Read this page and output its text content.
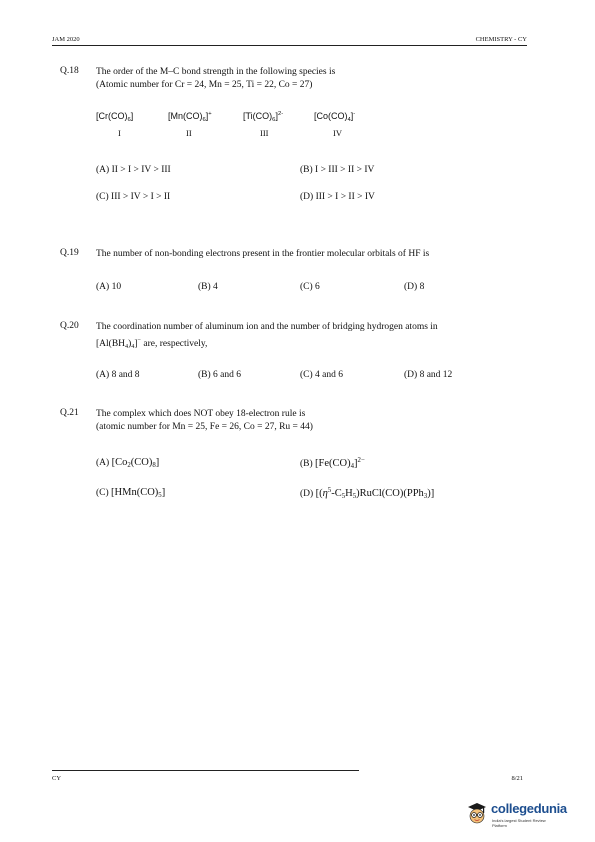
JAM 2020	CHEMISTRY - CY
Q.18 The order of the M–C bond strength in the following species is
(Atomic number for Cr = 24, Mn = 25, Ti = 22, Co = 27)
$[Cr(CO)_6]$	$[Mn(CO)_6]^+$	$[Ti(CO)_6]^{2-}$	$[Co(CO)_4]^-$
I	II	III	IV
(A) II > I > IV > III	(B) I > III > II > IV
(C) III > IV > I > II	(D) III > I > II > IV
Q.19 The number of non-bonding electrons present in the frontier molecular orbitals of HF is
(A) 10	(B) 4	(C) 6	(D) 8
Q.20 The coordination number of aluminum ion and the number of bridging hydrogen atoms in
$[Al(BH_4)_4]^-$ are, respectively,
(A) 8 and 8	(B) 6 and 6	(C) 4 and 6	(D) 8 and 12
Q.21 The complex which does NOT obey 18-electron rule is
(atomic number for Mn = 25, Fe = 26, Co = 27, Ru = 44)
(A) $[Co_2(CO)_8]$	(B) $[Fe(CO)_4]^{2-}$
(C) $[HMn(CO)_5]$	(D) $[(\eta^5-C_5H_5)RuCl(CO)(PPh_3)]$
CY	8/21
collegedunia
India's largest Student Review Platform
